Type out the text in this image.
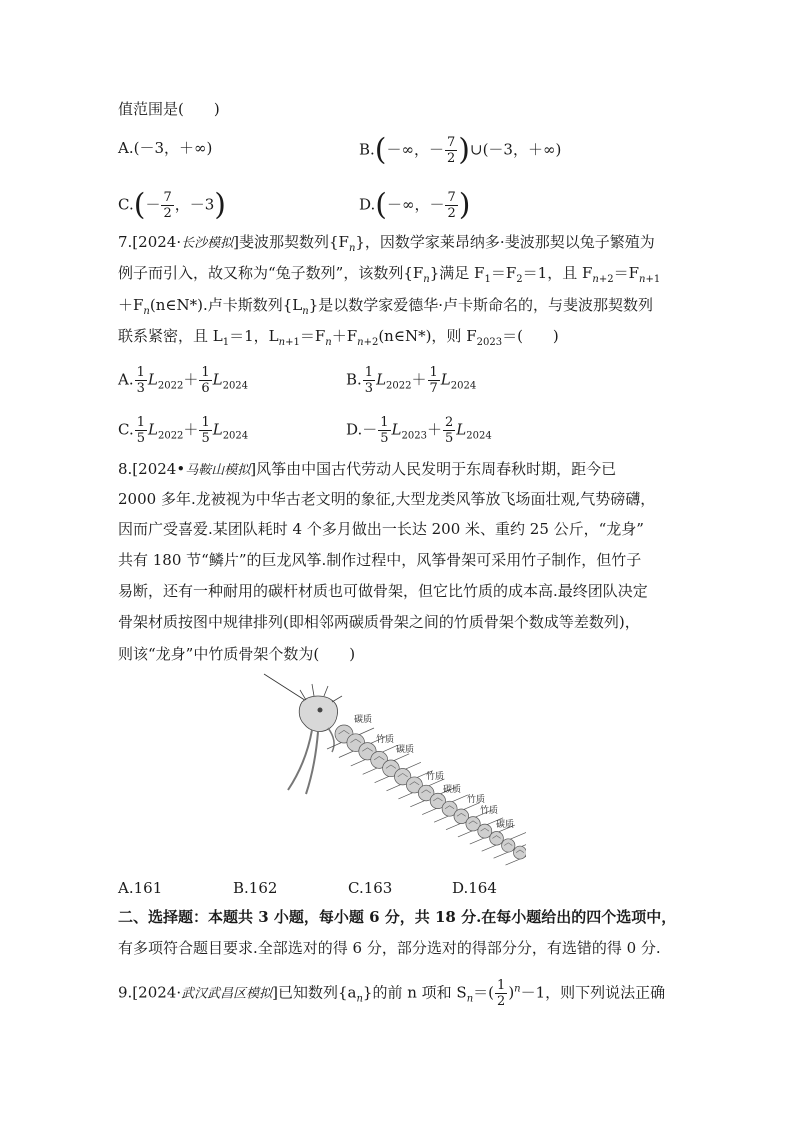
值范围是(　　)
A.(－3，＋∞)	B.(－∞，－ $\frac{7}{2}$ )∪(－3，＋∞)
$C.(- \frac{7}{2}$ ，－3)	D.(－∞，－ $\frac{7}{2}$ )
7.[2024·长沙模拟]斐波那契数列$\{F_n\}$，因数学家莱昂纳多·斐波那契以兔子繁殖为
例子而引入，故又称为“兔子数列”，该数列$\{F_n\}$满足 $F_1=F_2=1$，且 $F_{n+2}=F_{n+1}$
$+F_n(n\in N*)$.卢卡斯数列$\{L_n\}$是以数学家爱德华·卢卡斯命名的，与斐波那契数列
联系紧密，且 $L_1=1$，$L_{n+1}=F_n+F_{n+2}(n\in N*)$，则 $F_{2023}=$(　　)
A. $\frac{1}{3} L_{2022}+ \frac{1}{6} L_{2024}$	B. $\frac{1}{3} L_{2022}+ \frac{1}{7} L_{2024}$
C. $\frac{1}{5} L_{2022}+ \frac{1}{5} L_{2024}$	$D.- \frac{1}{5} L_{2023}+ \frac{2}{5} L_{2024}$
8.[2024•马鞍山模拟]风筝由中国古代劳动人民发明于东周春秋时期，距今已
2000 多年.龙被视为中华古老文明的象征,大型龙类风筝放飞场面壮观,气势磅礴，
因而广受喜爱.某团队耗时 4 个多月做出一长达 200 米、重约 25 公斤，“龙身”
共有 180 节“鳞片”的巨龙风筝.制作过程中，风筝骨架可采用竹子制作，但竹子
易断，还有一种耐用的碳杆材质也可做骨架，但它比竹质的成本高.最终团队决定
骨架材质按图中规律排列(即相邻两碳质骨架之间的竹质骨架个数成等差数列)，
则该“龙身”中竹质骨架个数为(　　)
碳质
竹质
碳质
竹质
碳质
竹质
竹质
碳质
A.161	B.162	C.163	D.164
二、选择题：本题共 3 小题，每小题 6 分，共 18 分.在每小题给出的四个选项中，
有多项符合题目要求.全部选对的得 6 分，部分选对的得部分分，有选错的得 0 分.
9.[2024·武汉武昌区模拟]已知数列$\{a_n\}$的前 n 项和 $S_n=( \frac{1}{2} )^n-1$，则下列说法正确
